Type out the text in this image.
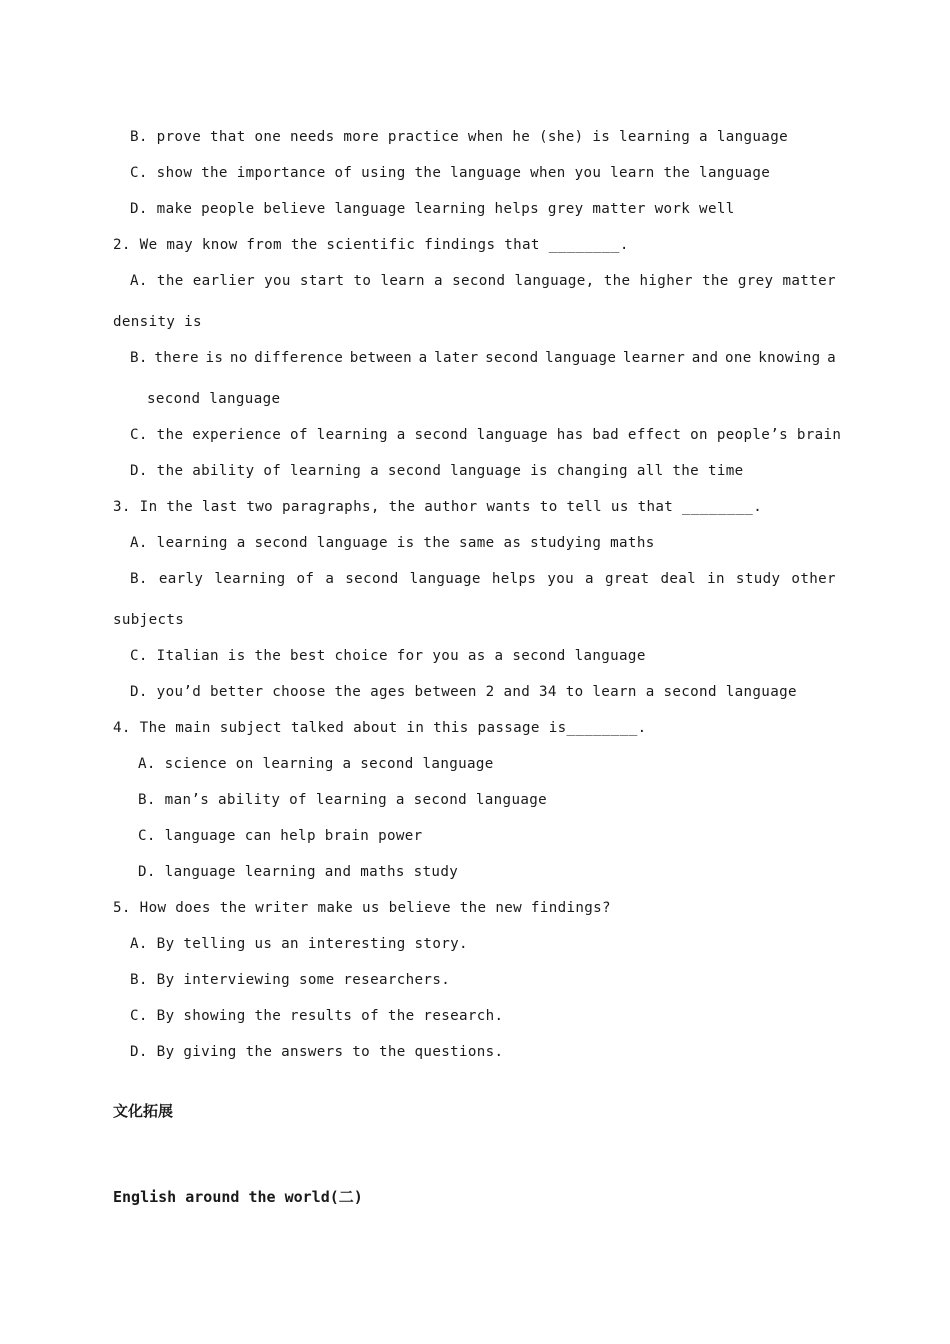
B. prove that one needs more practice when he (she) is learning a language

C. show the importance of using the language when you learn the language

D. make people believe language learning helps grey matter work well

2. We may know from the scientific findings that ________.

A. the earlier you start to learn a second language, the higher the grey matter

density is

B. there is no difference between a later second language learner and one knowing a

second language

C. the experience of learning a second language has bad effect on people’s brain

D. the ability of learning a second language is changing all the time

3. In the last two paragraphs, the author wants to tell us that ________.

A. learning a second language is the same as studying maths

B. early learning of a second language helps you a great deal in study other

subjects

C. Italian is the best choice for you as a second language

D. you’d better choose the ages between 2 and 34 to learn a second language

4. The main subject talked about in this passage is________.

A. science on learning a second language

B. man’s ability of learning a second language

C. language can help brain power

D. language learning and maths study

5. How does the writer make us believe the new findings?

A. By telling us an interesting story.

B. By interviewing some researchers.

C. By showing the results of the research.

D. By giving the answers to the questions.

文化拓展

English around the world(二)
